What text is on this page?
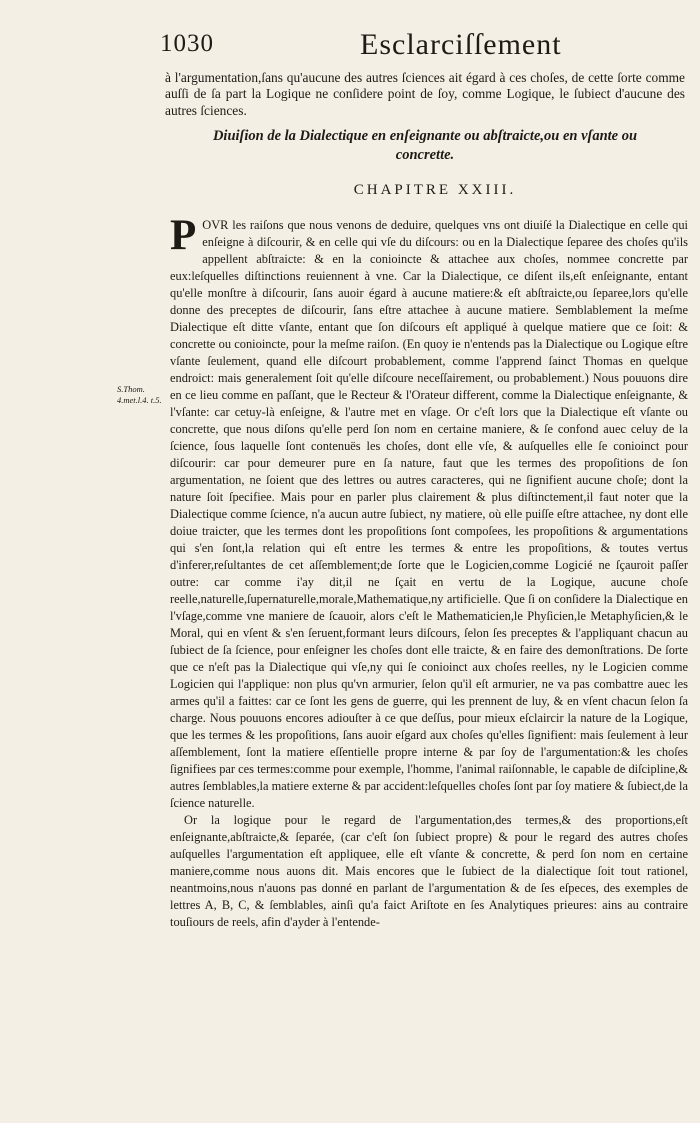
1030	Esclarciſſement
à l'argumentation,ſans qu'aucune des autres ſciences ait égard à ces choſes, de cette ſorte comme auſſi de ſa part la Logique ne conſidere point de ſoy, comme Logique, le ſubiect d'aucune des autres ſciences.
Diuiſion de la Dialectique en enſeignante ou abſtraicte,ou en vſante ou concrette.
CHAPITRE XXIII.
S.Thom. 4.met.l.4. t.5.

POVR les raiſons que nous venons de deduire, quelques vns ont diuiſé la Dialectique en celle qui enſeigne à diſcourir, & en celle qui vſe du diſcours: ou en la Dialectique ſeparee des choſes qu'ils appellent abſtraicte: & en la conioincte & attachee aux choſes, nommee concrette par eux:leſquelles diſtinctions reuiennent à vne. Car la Dialectique, ce diſent ils,eſt enſeignante, entant qu'elle monſtre à diſcourir, ſans auoir égard à aucune matiere:& eſt abſtraicte,ou ſeparee,lors qu'elle donne des preceptes de diſcourir, ſans eſtre attachee à aucune matiere. Semblablement la meſme Dialectique eſt ditte vſante, entant que ſon diſcours eſt appliqué à quelque matiere que ce ſoit: & concrette ou conioincte, pour la meſme raiſon. (En quoy ie n'entends pas la Dialectique ou Logique eſtre vſante ſeulement, quand elle diſcourt probablement, comme l'apprend ſainct Thomas en quelque endroict: mais generalement ſoit qu'elle diſcoure neceſſairement, ou probablement.) Nous pouuons dire en ce lieu comme en paſſant, que le Recteur & l'Orateur different, comme la Dialectique enſeignante, & l'vſante: car cetuy-là enſeigne, & l'autre met en vſage. Or c'eſt lors que la Dialectique eſt vſante ou concrette, que nous diſons qu'elle perd ſon nom en certaine maniere, & ſe confond auec celuy de la ſcience, ſous laquelle ſont contenuës les choſes, dont elle vſe, & auſquelles elle ſe conioinct pour diſcourir: car pour demeurer pure en ſa nature, faut que les termes des propoſitions de ſon argumentation, ne ſoient que des lettres ou autres caracteres, qui ne ſignifient aucune choſe; dont la nature ſoit ſpecifiee. Mais pour en parler plus clairement & plus diſtinctement,il faut noter que la Dialectique comme ſcience, n'a aucun autre ſubiect, ny matiere, où elle puiſſe eſtre attachee, ny dont elle doiue traicter, que les termes dont les propoſitions ſont compoſees, les propoſitions & argumentations qui s'en ſont,la relation qui eſt entre les termes & entre les propoſitions, & toutes vertus d'inferer,reſultantes de cet aſſemblement;de ſorte que le Logicien,comme Logicié ne ſçauroit paſſer outre: car comme i'ay dit,il ne ſçait en vertu de la Logique, aucune choſe reelle,naturelle,ſupernaturelle,morale,Mathematique,ny artificielle. Que ſi on conſidere la Dialectique en l'vſage,comme vne maniere de ſcauoir, alors c'eſt le Mathematicien,le Phyſicien,le Metaphyſicien,& le Moral, qui en vſent & s'en ſeruent,formant leurs diſcours, ſelon ſes preceptes & l'appliquant chacun au ſubiect de ſa ſcience, pour enſeigner les choſes dont elle traicte, & en faire des demonſtrations. De ſorte que ce n'eſt pas la Dialectique qui vſe,ny qui ſe conioinct aux choſes reelles, ny le Logicien comme Logicien qui l'applique: non plus qu'vn armurier, ſelon qu'il eſt armurier, ne va pas combattre auec les armes qu'il a faittes: car ce ſont les gens de guerre, qui les prennent de luy, & en vſent chacun ſelon ſa charge. Nous pouuons encores adiouſter à ce que deſſus, pour mieux eſclaircir la nature de la Logique, que les termes & les propoſitions, ſans auoir eſgard aux choſes qu'elles ſignifient: mais ſeulement à leur aſſemblement, ſont la matiere eſſentielle propre interne & par ſoy de l'argumentation:& les choſes ſignifiees par ces termes:comme pour exemple, l'homme, l'animal raiſonnable, le capable de diſcipline,& autres ſemblables,la matiere externe & par accident:leſquelles choſes ſont par ſoy matiere & ſubiect,de la ſcience naturelle.

Or la logique pour le regard de l'argumentation,des termes,& des proportions,eſt enſeignante,abſtraicte,& ſeparée, (car c'eſt ſon ſubiect propre) & pour le regard des autres choſes auſquelles l'argumentation eſt appliquee, elle eſt vſante & concrette, & perd ſon nom en certaine maniere,comme nous auons dit. Mais encores que le ſubiect de la dialectique ſoit tout rationel, neantmoins,nous n'auons pas donné en parlant de l'argumentation & de ſes eſpeces, des exemples de lettres A, B, C, & ſemblables, ainſi qu'a faict Ariſtote en ſes Analytiques prieures: ains au contraire touſiours de reels, afin d'ayder à l'entende-
